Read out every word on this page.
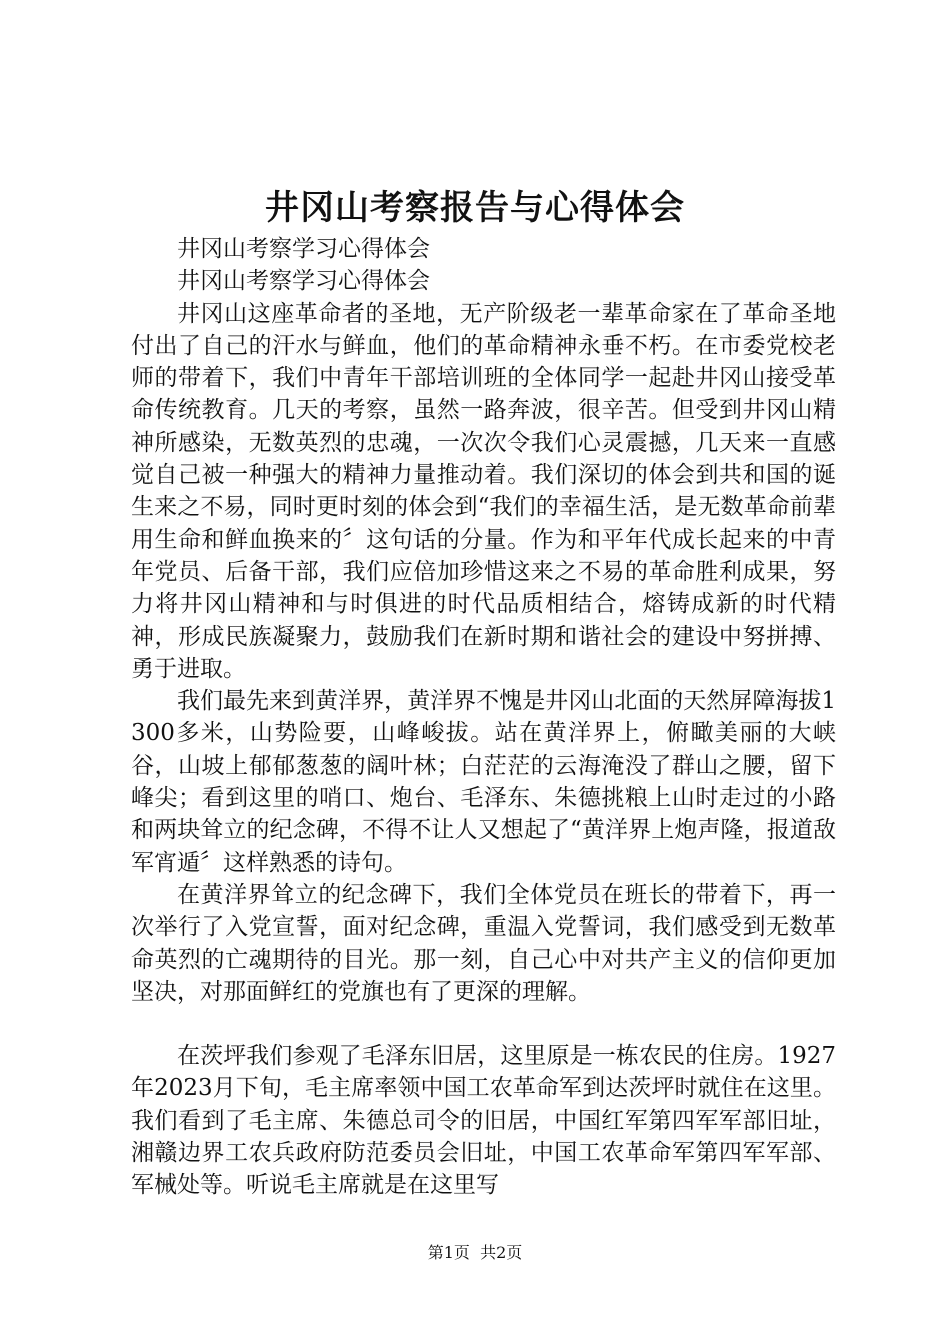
井冈山考察报告与心得体会

井冈山考察学习心得体会

井冈山考察学习心得体会

井冈山这座革命者的圣地，无产阶级老一辈革命家在了革命圣地付出了自己的汗水与鲜血，他们的革命精神永垂不朽。在市委党校老师的带着下，我们中青年干部培训班的全体同学一起赴井冈山接受革命传统教育。几天的考察，虽然一路奔波，很辛苦。但受到井冈山精神所感染，无数英烈的忠魂，一次次令我们心灵震撼，几天来一直感觉自己被一种强大的精神力量推动着。我们深切的体会到共和国的诞生来之不易，同时更时刻的体会到“我们的幸福生活，是无数革命前辈用生命和鲜血换来的〞这句话的分量。作为和平年代成长起来的中青年党员、后备干部，我们应倍加珍惜这来之不易的革命胜利成果，努力将井冈山精神和与时俱进的时代品质相结合，熔铸成新的时代精神，形成民族凝聚力，鼓励我们在新时期和谐社会的建设中努拼搏、勇于进取。

我们最先来到黄洋界，黄洋界不愧是井冈山北面的天然屏障海拔1300多米，山势险要，山峰峻拔。站在黄洋界上，俯瞰美丽的大峡谷，山坡上郁郁葱葱的阔叶林；白茫茫的云海淹没了群山之腰，留下峰尖；看到这里的哨口、炮台、毛泽东、朱德挑粮上山时走过的小路和两块耸立的纪念碑，不得不让人又想起了“黄洋界上炮声隆，报道敌军宵遁〞这样熟悉的诗句。

在黄洋界耸立的纪念碑下，我们全体党员在班长的带着下，再一次举行了入党宣誓，面对纪念碑，重温入党誓词，我们感受到无数革命英烈的亡魂期待的目光。那一刻，自己心中对共产主义的信仰更加坚决，对那面鲜红的党旗也有了更深的理解。

在茨坪我们参观了毛泽东旧居，这里原是一栋农民的住房。1927年2023月下旬，毛主席率领中国工农革命军到达茨坪时就住在这里。我们看到了毛主席、朱德总司令的旧居，中国红军第四军军部旧址，湘赣边界工农兵政府防范委员会旧址，中国工农革命军第四军军部、军械处等。听说毛主席就是在这里写

第1页  共2页
